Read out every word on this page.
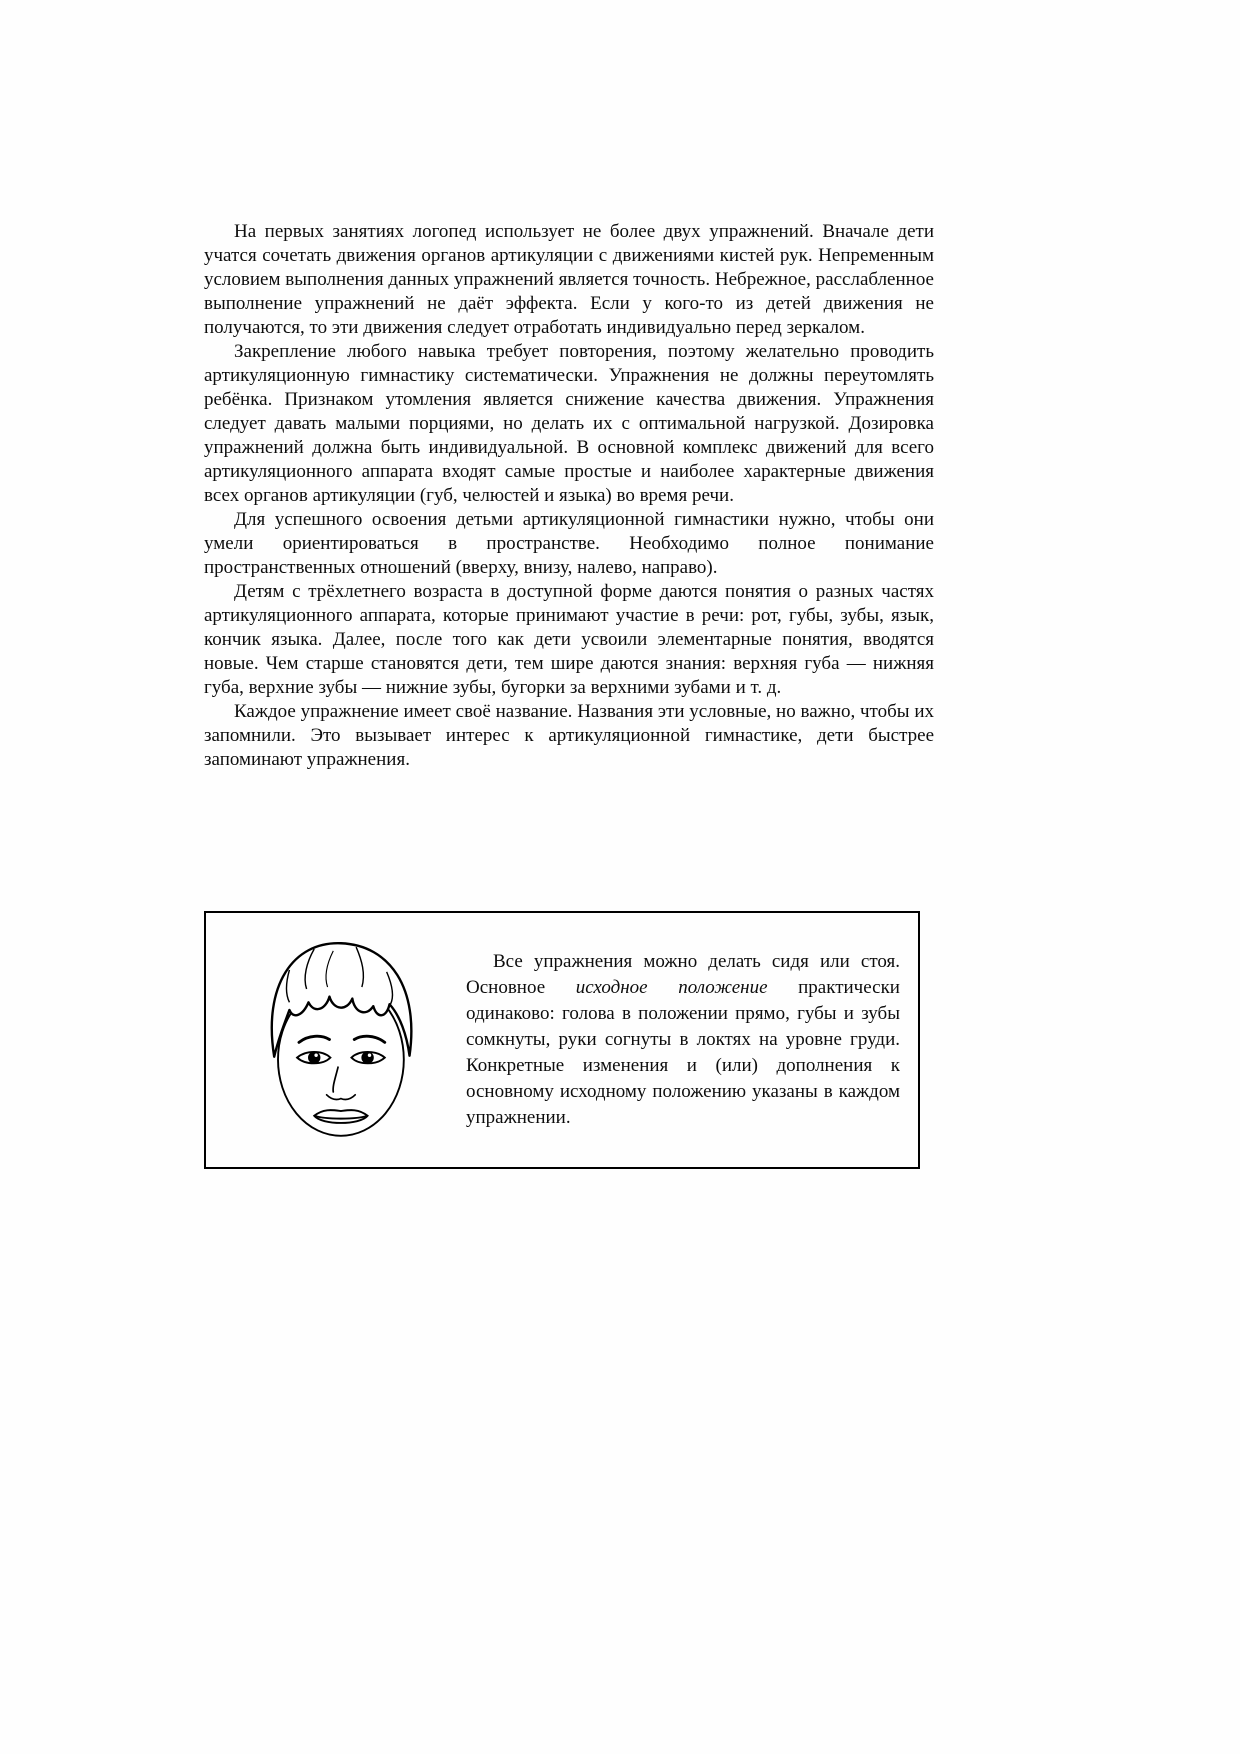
На первых занятиях логопед использует не более двух упражнений. Вначале дети учатся сочетать движения органов артикуляции с движениями кистей рук. Непременным условием выполнения данных упражнений является точность. Небрежное, расслабленное выполнение упражнений не даёт эффекта. Если у кого-то из детей движения не получаются, то эти движения следует отработать индивидуально перед зеркалом.

Закрепление любого навыка требует повторения, поэтому желательно проводить артикуляционную гимнастику систематически. Упражнения не должны переутомлять ребёнка. Признаком утомления является снижение качества движения. Упражнения следует давать малыми порциями, но делать их с оптимальной нагрузкой. Дозировка упражнений должна быть индивидуальной. В основной комплекс движений для всего артикуляционного аппарата входят самые простые и наиболее характерные движения всех органов артикуляции (губ, челюстей и языка) во время речи.

Для успешного освоения детьми артикуляционной гимнастики нужно, чтобы они умели ориентироваться в пространстве. Необходимо полное понимание пространственных отношений (вверху, внизу, налево, направо).

Детям с трёхлетнего возраста в доступной форме даются понятия о разных частях артикуляционного аппарата, которые принимают участие в речи: рот, губы, зубы, язык, кончик языка. Далее, после того как дети усвоили элементарные понятия, вводятся новые. Чем старше становятся дети, тем шире даются знания: верхняя губа — нижняя губа, верхние зубы — нижние зубы, бугорки за верхними зубами и т. д.

Каждое упражнение имеет своё название. Названия эти условные, но важно, чтобы их запомнили. Это вызывает интерес к артикуляционной гимнастике, дети быстрее запоминают упражнения.

Все упражнения можно делать сидя или стоя. Основное исходное положение практически одинаково: голова в положении прямо, губы и зубы сомкнуты, руки согнуты в локтях на уровне груди. Конкретные изменения и (или) дополнения к основному исходному положению указаны в каждом упражнении.
